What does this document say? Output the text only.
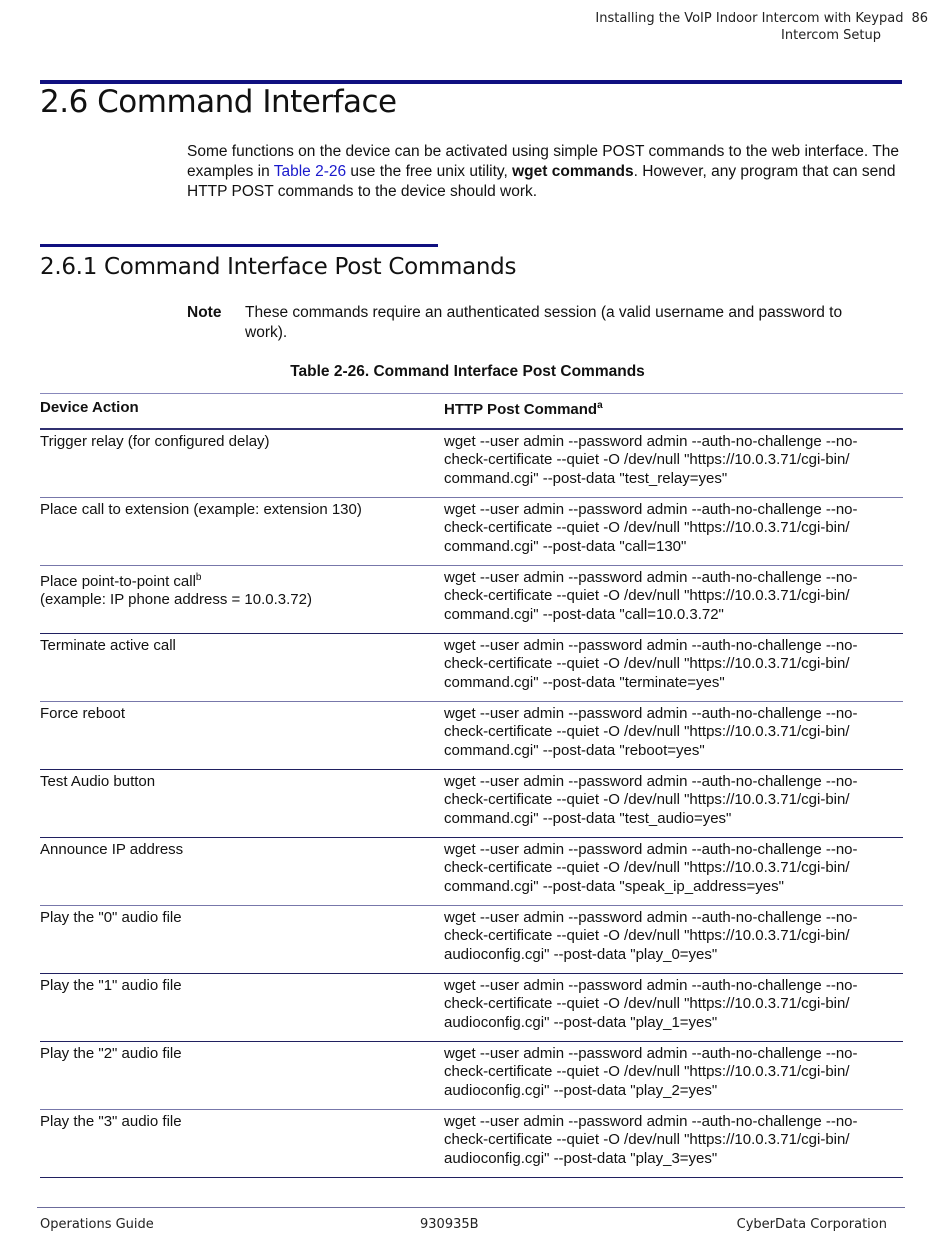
Installing the VoIP Indoor Intercom with Keypad 86
Intercom Setup
2.6 Command Interface
Some functions on the device can be activated using simple POST commands to the web interface. The examples in Table 2-26 use the free unix utility, wget commands. However, any program that can send HTTP POST commands to the device should work.
2.6.1 Command Interface Post Commands
Note	These commands require an authenticated session (a valid username and password to work).
Table 2-26. Command Interface Post Commands
Device Action	HTTP Post Command$^a$
Trigger relay (for configured delay)	wget --user admin --password admin --auth-no-challenge --no-
check-certificate --quiet -O /dev/null "https://10.0.3.71/cgi-bin/
command.cgi" --post-data "test_relay=yes"
Place call to extension (example: extension 130)	wget --user admin --password admin --auth-no-challenge --no-
check-certificate --quiet -O /dev/null "https://10.0.3.71/cgi-bin/
command.cgi" --post-data "call=130"
Place point-to-point call$^b$
(example: IP phone address = 10.0.3.72)	wget --user admin --password admin --auth-no-challenge --no-
check-certificate --quiet -O /dev/null "https://10.0.3.71/cgi-bin/
command.cgi" --post-data "call=10.0.3.72"
Terminate active call	wget --user admin --password admin --auth-no-challenge --no-
check-certificate --quiet -O /dev/null "https://10.0.3.71/cgi-bin/
command.cgi" --post-data "terminate=yes"
Force reboot	wget --user admin --password admin --auth-no-challenge --no-
check-certificate --quiet -O /dev/null "https://10.0.3.71/cgi-bin/
command.cgi" --post-data "reboot=yes"
Test Audio button	wget --user admin --password admin --auth-no-challenge --no-
check-certificate --quiet -O /dev/null "https://10.0.3.71/cgi-bin/
command.cgi" --post-data "test_audio=yes"
Announce IP address	wget --user admin --password admin --auth-no-challenge --no-
check-certificate --quiet -O /dev/null "https://10.0.3.71/cgi-bin/
command.cgi" --post-data "speak_ip_address=yes"
Play the "0" audio file	wget --user admin --password admin --auth-no-challenge --no-
check-certificate --quiet -O /dev/null "https://10.0.3.71/cgi-bin/
audioconfig.cgi" --post-data "play_0=yes"
Play the "1" audio file	wget --user admin --password admin --auth-no-challenge --no-
check-certificate --quiet -O /dev/null "https://10.0.3.71/cgi-bin/
audioconfig.cgi" --post-data "play_1=yes"
Play the "2" audio file	wget --user admin --password admin --auth-no-challenge --no-
check-certificate --quiet -O /dev/null "https://10.0.3.71/cgi-bin/
audioconfig.cgi" --post-data "play_2=yes"
Play the "3" audio file	wget --user admin --password admin --auth-no-challenge --no-
check-certificate --quiet -O /dev/null "https://10.0.3.71/cgi-bin/
audioconfig.cgi" --post-data "play_3=yes"
Operations Guide	930935B	CyberData Corporation
